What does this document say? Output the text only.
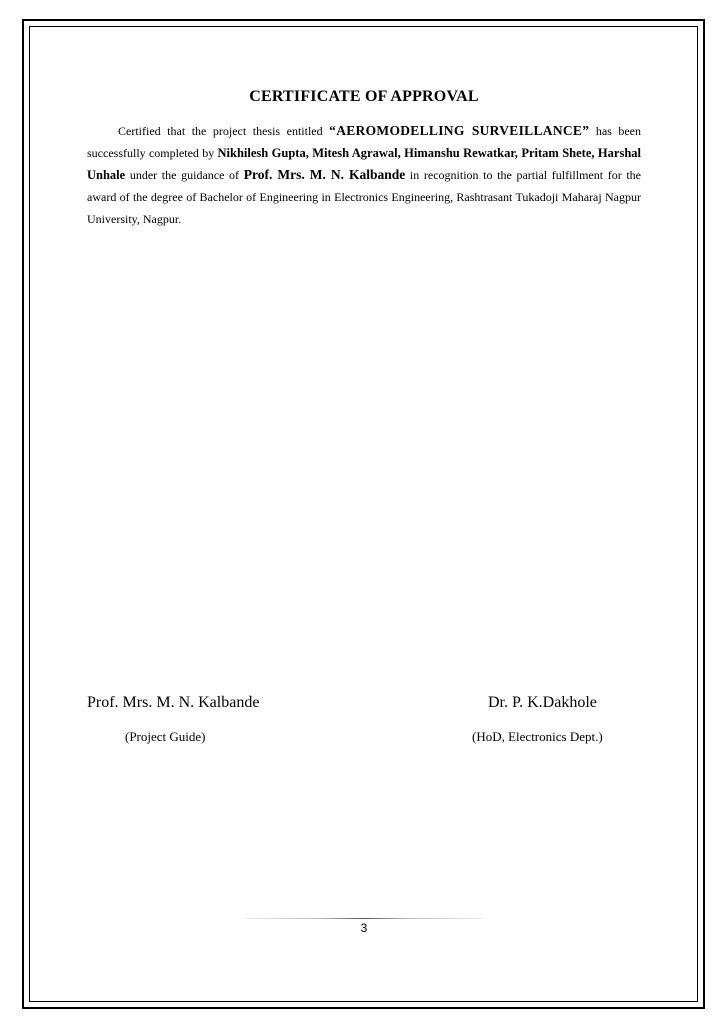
CERTIFICATE OF APPROVAL
Certified that the project thesis entitled “AEROMODELLING SURVEILLANCE” has been successfully completed by Nikhilesh Gupta, Mitesh Agrawal, Himanshu Rewatkar, Pritam Shete, Harshal Unhale under the guidance of Prof. Mrs. M. N. Kalbande in recognition to the partial fulfillment for the award of the degree of Bachelor of Engineering in Electronics Engineering, Rashtrasant Tukadoji Maharaj Nagpur University, Nagpur.
Prof. Mrs. M. N. Kalbande
(Project Guide)
Dr. P. K.Dakhole
(HoD, Electronics Dept.)
3
